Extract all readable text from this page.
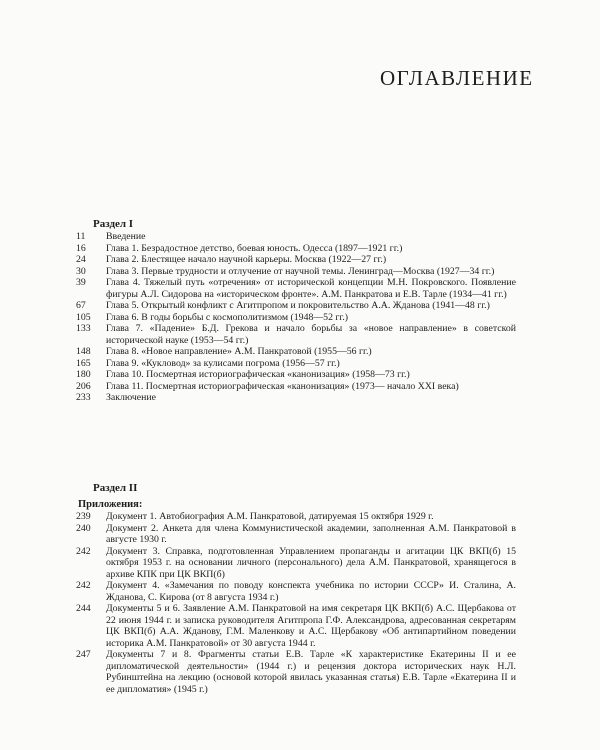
ОГЛАВЛЕНИЕ
Раздел I
11	Введение
16	Глава 1. Безрадостное детство, боевая юность. Одесса (1897—1921 гг.)
24	Глава 2. Блестящее начало научной карьеры. Москва (1922—27 гг.)
30	Глава 3. Первые трудности и отлучение от научной темы. Ленинград—Москва (1927—34 гг.)
39	Глава 4. Тяжелый путь «отречения» от исторической концепции М.Н. Покровского. Появление фигуры А.Л. Сидорова на «историческом фронте». А.М. Панкратова и Е.В. Тарле (1934—41 гг.)
67	Глава 5. Открытый конфликт с Агитпропом и покровительство А.А. Жданова (1941—48 гг.)
105	Глава 6. В годы борьбы с космополитизмом (1948—52 гг.)
133	Глава 7. «Падение» Б.Д. Грекова и начало борьбы за «новое направление» в советской исторической науке (1953—54 гг.)
148	Глава 8. «Новое направление» А.М. Панкратовой (1955—56 гг.)
165	Глава 9. «Кукловод» за кулисами погрома (1956—57 гг.)
180	Глава 10. Посмертная историографическая «канонизация» (1958—73 гг.)
206	Глава 11. Посмертная историографическая «канонизация» (1973— начало XXI века)
233	Заключение
Раздел II
Приложения:
239	Документ 1. Автобиография А.М. Панкратовой, датируемая 15 октября 1929 г.
240	Документ 2. Анкета для члена Коммунистической академии, заполненная А.М. Панкратовой в августе 1930 г.
242	Документ 3. Справка, подготовленная Управлением пропаганды и агитации ЦК ВКП(б) 15 октября 1953 г. на основании личного (персонального) дела А.М. Панкратовой, хранящегося в архиве КПК при ЦК ВКП(б)
242	Документ 4. «Замечания по поводу конспекта учебника по истории СССР» И. Сталина, А. Жданова, С. Кирова (от 8 августа 1934 г.)
244	Документы 5 и 6. Заявление А.М. Панкратовой на имя секретаря ЦК ВКП(б) А.С. Щербакова от 22 июня 1944 г. и записка руководителя Агитпропа Г.Ф. Александрова, адресованная секретарям ЦК ВКП(б) А.А. Жданову, Г.М. Маленкову и А.С. Щербакову «Об антипартийном поведении историка А.М. Панкратовой» от 30 августа 1944 г.
247	Документы 7 и 8. Фрагменты статьи Е.В. Тарле «К характеристике Екатерины II и ее дипломатической деятельности» (1944 г.) и рецензия доктора исторических наук Н.Л. Рубинштейна на лекцию (основой которой явилась указанная статья) Е.В. Тарле «Екатерина II и ее дипломатия» (1945 г.)
